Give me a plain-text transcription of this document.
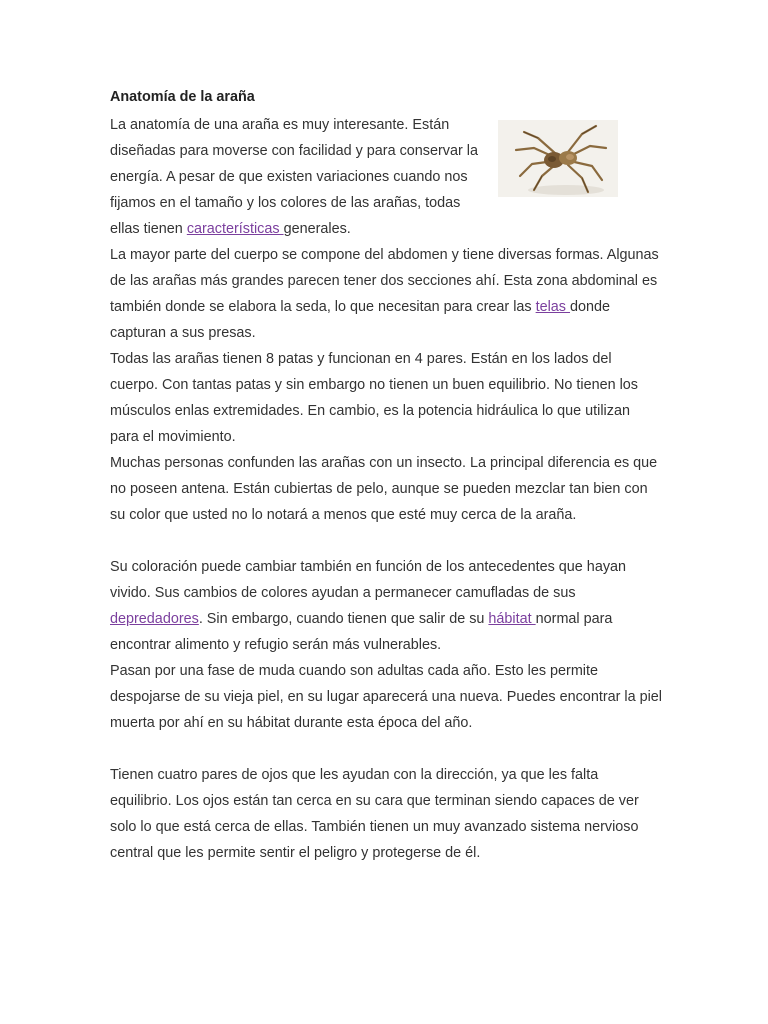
Anatomía de la araña

La anatomía de una araña es muy interesante. Están diseñadas para moverse con facilidad y para conservar la energía. A pesar de que existen variaciones cuando nos fijamos en el tamaño y los colores de las arañas, todas ellas tienen características generales.

La mayor parte del cuerpo se compone del abdomen y tiene diversas formas. Algunas de las arañas más grandes parecen tener dos secciones ahí. Esta zona abdominal es también donde se elabora la seda, lo que necesitan para crear las telas donde capturan a sus presas.

Todas las arañas tienen 8 patas y funcionan en 4 pares. Están en los lados del cuerpo. Con tantas patas y sin embargo no tienen un buen equilibrio. No tienen los músculos enlas extremidades. En cambio, es la potencia hidráulica lo que utilizan para el movimiento.

Muchas personas confunden las arañas con un insecto. La principal diferencia es que no poseen antena. Están cubiertas de pelo, aunque se pueden mezclar tan bien con su color que usted no lo notará a menos que esté muy cerca de la araña.

Su coloración puede cambiar también en función de los antecedentes que hayan vivido. Sus cambios de colores ayudan a permanecer camufladas de sus depredadores. Sin embargo, cuando tienen que salir de su hábitat normal para encontrar alimento y refugio serán más vulnerables.

Pasan por una fase de muda cuando son adultas cada año. Esto les permite despojarse de su vieja piel, en su lugar aparecerá una nueva. Puedes encontrar la piel muerta por ahí en su hábitat durante esta época del año.

Tienen cuatro pares de ojos que les ayudan con la dirección, ya que les falta equilibrio. Los ojos están tan cerca en su cara que terminan siendo capaces de ver solo lo que está cerca de ellas. También tienen un muy avanzado sistema nervioso central que les permite sentir el peligro y protegerse de él.
